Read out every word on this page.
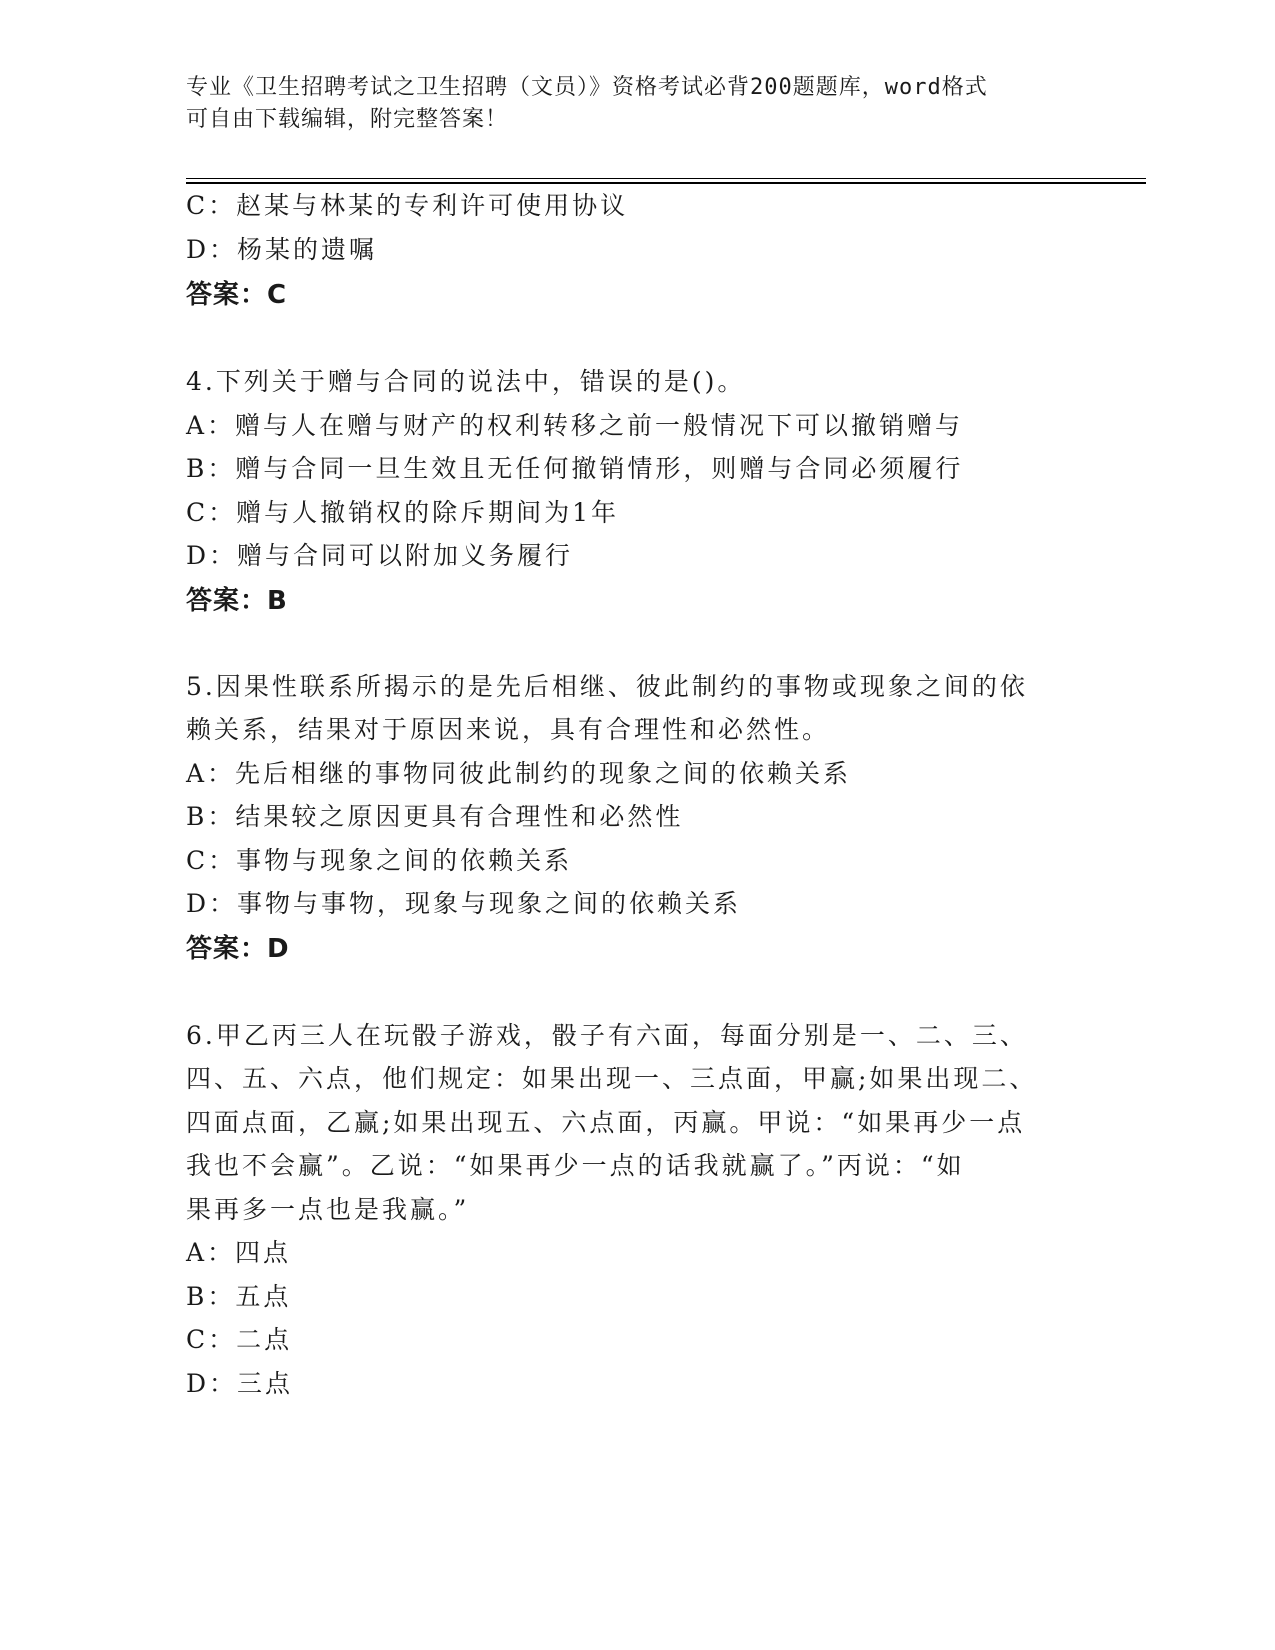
专业《卫生招聘考试之卫生招聘（文员）》资格考试必背200题题库，word格式
可自由下载编辑，附完整答案！
C：赵某与林某的专利许可使用协议
D：杨某的遗嘱
答案：C
4.下列关于赠与合同的说法中，错误的是()。
A：赠与人在赠与财产的权利转移之前一般情况下可以撤销赠与
B：赠与合同一旦生效且无任何撤销情形，则赠与合同必须履行
C：赠与人撤销权的除斥期间为1年
D：赠与合同可以附加义务履行
答案：B
5.因果性联系所揭示的是先后相继、彼此制约的事物或现象之间的依
赖关系，结果对于原因来说，具有合理性和必然性。
A：先后相继的事物同彼此制约的现象之间的依赖关系
B：结果较之原因更具有合理性和必然性
C：事物与现象之间的依赖关系
D：事物与事物，现象与现象之间的依赖关系
答案：D
6.甲乙丙三人在玩骰子游戏，骰子有六面，每面分别是一、二、三、
四、五、六点，他们规定：如果出现一、三点面，甲赢;如果出现二、
四面点面，乙赢;如果出现五、六点面，丙赢。甲说：“如果再少一点
我也不会赢”。乙说：“如果再少一点的话我就赢了。”丙说：“如
果再多一点也是我赢。”
A：四点
B：五点
C：二点
D：三点
